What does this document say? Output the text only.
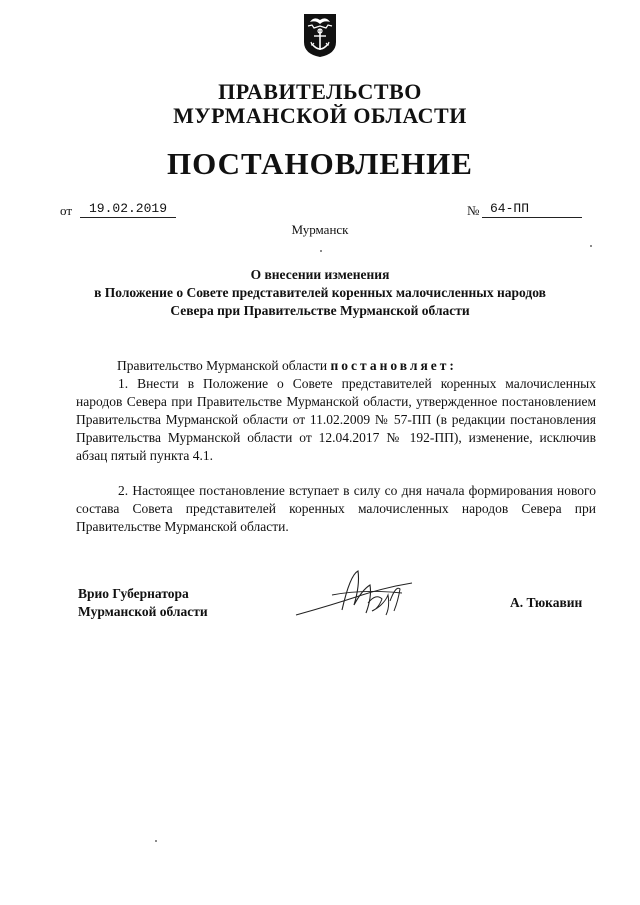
ПРАВИТЕЛЬСТВО
МУРМАНСКОЙ ОБЛАСТИ
ПОСТАНОВЛЕНИЕ
от	19.02.2019	№ 64-ПП
Мурманск
О внесении изменения
в Положение о Совете представителей коренных малочисленных народов
Севера при Правительстве Мурманской области
Правительство Мурманской области постановляет:
1. Внести в Положение о Совете представителей коренных малочисленных народов Севера при Правительстве Мурманской области, утвержденное постановлением Правительства Мурманской области от 11.02.2009 № 57-ПП (в редакции постановления Правительства Мурманской области от 12.04.2017 № 192-ПП), изменение, исключив абзац пятый пункта 4.1.
2. Настоящее постановление вступает в силу со дня начала формирования нового состава Совета представителей коренных малочисленных народов Севера при Правительстве Мурманской области.
Врио Губернатора
Мурманской области
А. Тюкавин
